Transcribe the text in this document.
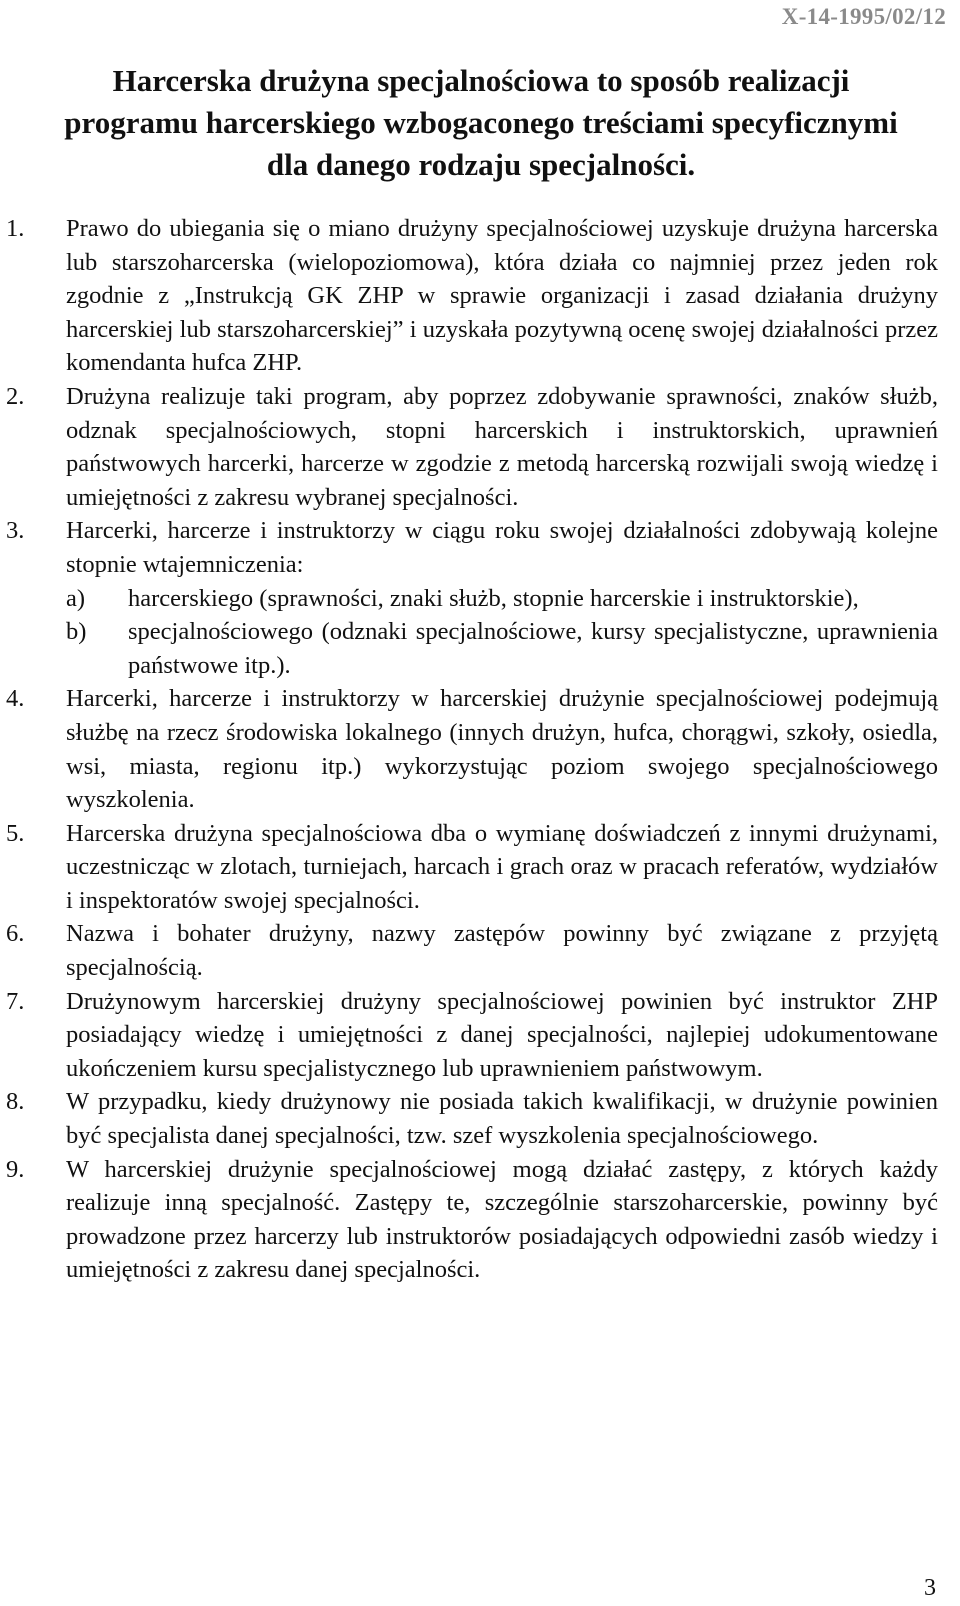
X-14-1995/02/12
Harcerska drużyna specjalnościowa to sposób realizacji programu harcerskiego wzbogaconego treściami specyficznymi dla danego rodzaju specjalności.
1. Prawo do ubiegania się o miano drużyny specjalnościowej uzyskuje drużyna harcerska lub starszoharcerska (wielopoziomowa), która działa co najmniej przez jeden rok zgodnie z „Instrukcją GK ZHP w sprawie organizacji i zasad działania drużyny harcerskiej lub starszoharcerskiej” i uzyskała pozytywną ocenę swojej działalności przez komendanta hufca ZHP.
2. Drużyna realizuje taki program, aby poprzez zdobywanie sprawności, znaków służb, odznak specjalnościowych, stopni harcerskich i instruktorskich, uprawnień państwowych harcerki, harcerze w zgodzie z metodą harcerską rozwijali swoją wiedzę i umiejętności z zakresu wybranej specjalności.
3. Harcerki, harcerze i instruktorzy w ciągu roku swojej działalności zdobywają kolejne stopnie wtajemniczenia:
a) harcerskiego (sprawności, znaki służb, stopnie harcerskie i instruktorskie),
b) specjalnościowego (odznaki specjalnościowe, kursy specjalistyczne, uprawnienia państwowe itp.).
4. Harcerki, harcerze i instruktorzy w harcerskiej drużynie specjalnościowej podejmują służbę na rzecz środowiska lokalnego (innych drużyn, hufca, chorągwi, szkoły, osiedla, wsi, miasta, regionu itp.) wykorzystując poziom swojego specjalnościowego wyszkolenia.
5. Harcerska drużyna specjalnościowa dba o wymianę doświadczeń z innymi drużynami, uczestnicząc w zlotach, turniejach, harcach i grach oraz w pracach referatów, wydziałów i inspektoratów swojej specjalności.
6. Nazwa i bohater drużyny, nazwy zastępów powinny być związane z przyjętą specjalnością.
7. Drużynowym harcerskiej drużyny specjalnościowej powinien być instruktor ZHP posiadający wiedzę i umiejętności z danej specjalności, najlepiej udokumentowane ukończeniem kursu specjalistycznego lub uprawnieniem państwowym.
8. W przypadku, kiedy drużynowy nie posiada takich kwalifikacji, w drużynie powinien być specjalista danej specjalności, tzw. szef wyszkolenia specjalnościowego.
9. W harcerskiej drużynie specjalnościowej mogą działać zastępy, z których każdy realizuje inną specjalność. Zastępy te, szczególnie starszoharcerskie, powinny być prowadzone przez harcerzy lub instruktorów posiadających odpowiedni zasób wiedzy i umiejętności z zakresu danej specjalności.
3
